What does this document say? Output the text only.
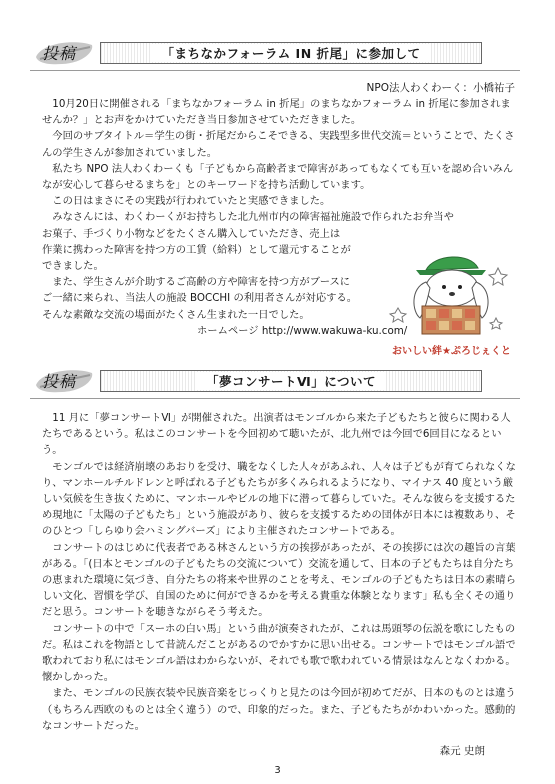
投稿	「まちなかフォーラム IN 折尾」に参加して
NPO法人わくわーく：小橋祐子

10月20日に開催される「まちなかフォーラム in 折尾」のまちなかフォーラム in 折尾に参加されませんか？」とお声をかけていただき当日参加させていただきました。

今回のサブタイトル＝学生の街・折尾だからこそできる、実践型多世代交流＝ということで、たくさんの学生さんが参加されていました。

私たち NPO 法人わくわーくも「子どもから高齢者まで障害があってもなくても互いを認め合いみんなが安心して暮らせるまちを」とのキーワードを持ち活動しています。

この日はまさにその実践が行われていたと実感できました。

みなさんには、わくわーくがお持ちした北九州市内の障害福祉施設で作られたお弁当や

お菓子、手づくり小物などをたくさん購入していただき、売上は

作業に携わった障害を持つ方の工賃（給料）として還元することが

できました。

また、学生さんが介助するご高齢の方や障害を持つ方がブースに

ご一緒に来られ、当法人の施設 BOCCHI の利用者さんが対応する。

そんな素敵な交流の場面がたくさん生まれた一日でした。

ホームページ http://www.wakuwa-ku.com/

おいしい絆★ぷろじぇくと
投稿	「夢コンサートⅥ」について

11 月に「夢コンサートⅥ」が開催された。出演者はモンゴルから来た子どもたちと彼らに関わる人たちであるという。私はこのコンサートを今回初めて聴いたが、北九州では今回で6回目になるという。

モンゴルでは経済崩壊のあおりを受け、職をなくした人々があふれ、人々は子どもが育てられなくなり、マンホールチルドレンと呼ばれる子どもたちが多くみられるようになり、マイナス 40 度という厳しい気候を生き抜くために、マンホールやビルの地下に潜って暮らしていた。そんな彼らを支援するため現地に「太陽の子どもたち」という施設があり、彼らを支援するための団体が日本には複数あり、そのひとつ「しらゆり会ハミングバーズ」により主催されたコンサートである。

コンサートのはじめに代表者である林さんという方の挨拶があったが、その挨拶には次の趣旨の言葉がある。「(日本とモンゴルの子どもたちの交流について）交流を通して、日本の子どもたちは自分たちの恵まれた環境に気づき、自分たちの将来や世界のことを考え、モンゴルの子どもたちは日本の素晴らしい文化、習慣を学び、自国のために何ができるかを考える貴重な体験となります」私も全くその通りだと思う。コンサートを聴きながらそう考えた。

コンサートの中で「スーホの白い馬」という曲が演奏されたが、これは馬頭琴の伝説を歌にしたものだ。私はこれを物語として昔読んだことがあるのでかすかに思い出せる。コンサートではモンゴル語で歌われており私にはモンゴル語はわからないが、それでも歌で歌われている情景はなんとなくわかる。懐かしかった。

また、モンゴルの民族衣装や民族音楽をじっくりと見たのは今回が初めてだが、日本のものとは違う（もちろん西欧のものとは全く違う）ので、印象的だった。また、子どもたちがかわいかった。感動的なコンサートだった。

森元 史朗
3
